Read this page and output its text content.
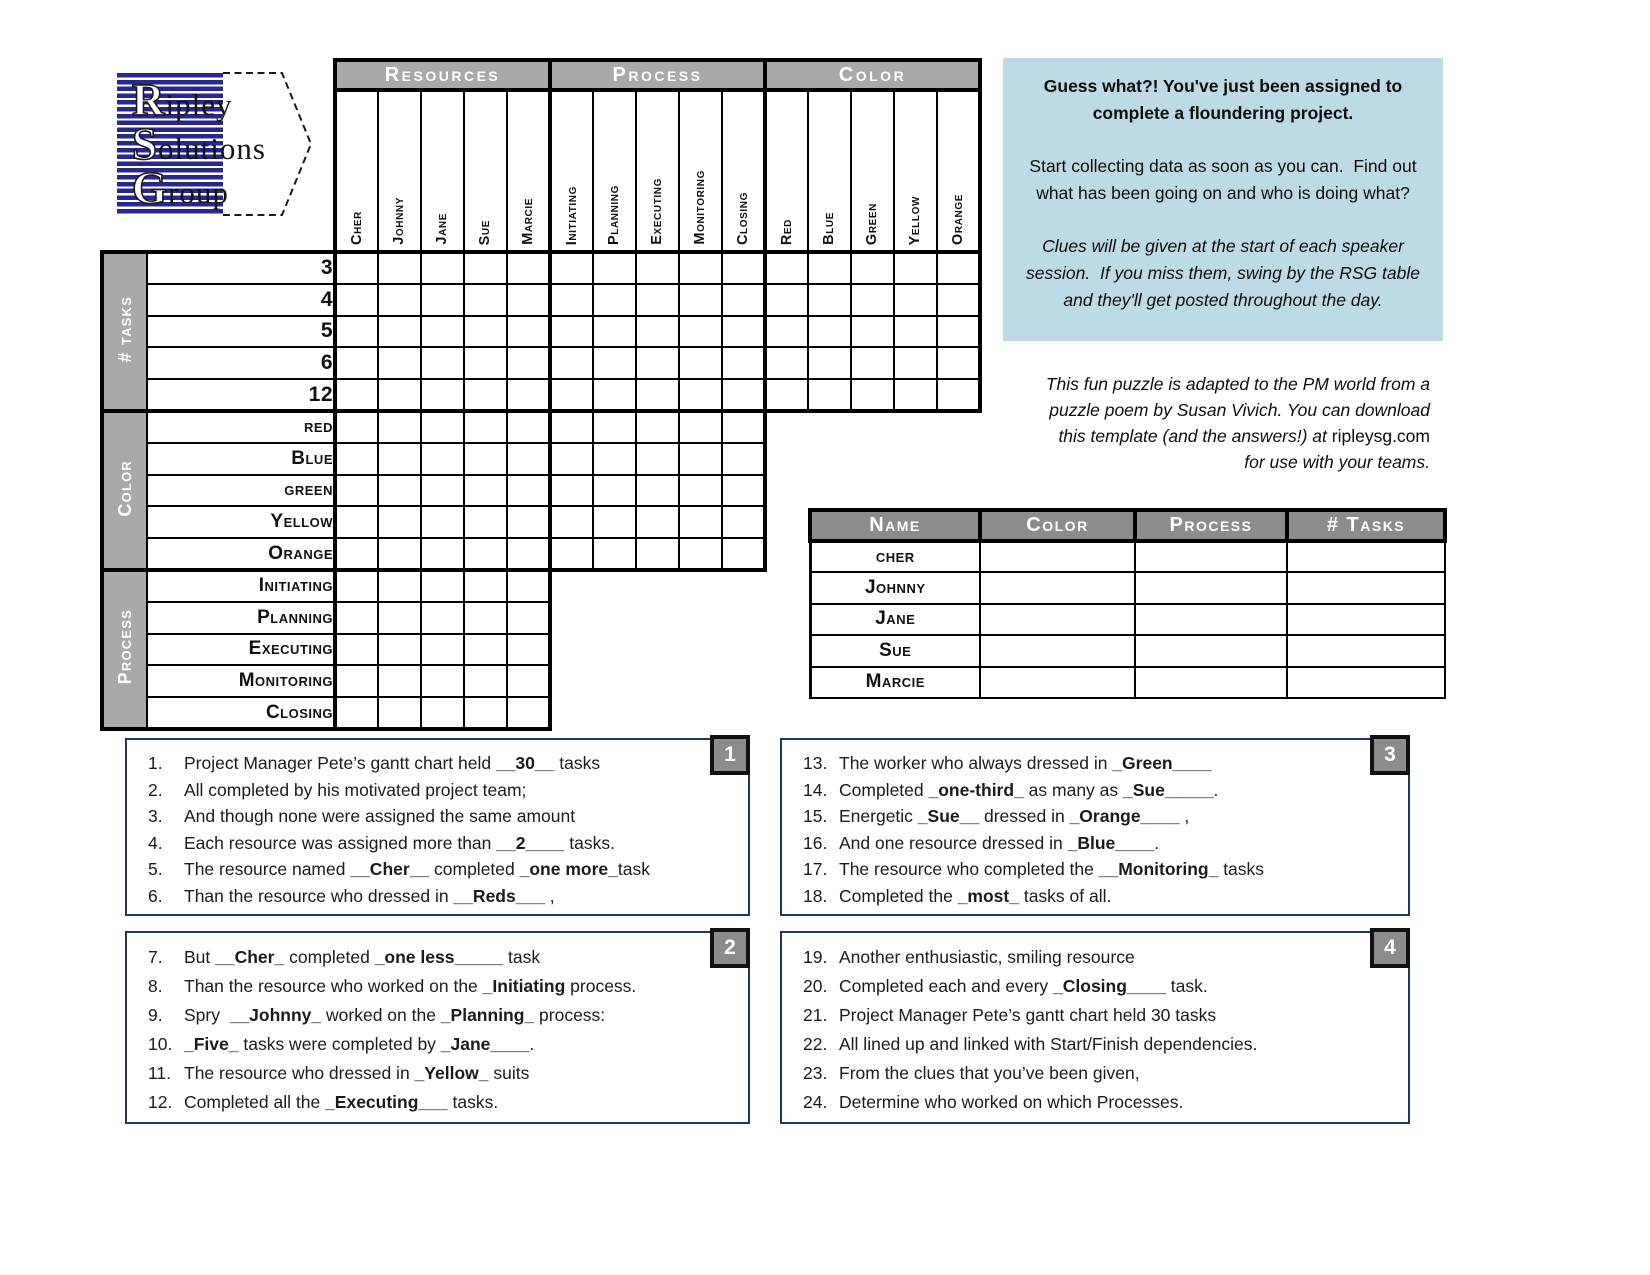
R ipley
S olutions
G roup
		Resources					Process					Color				
		Cher	Johnny	Jane	Sue	Marcie	Initiating	Planning	Executing	Monitoring	Closing	Red	Blue	Green	Yellow	Orange
# tasks	3															
	4															
	5															
	6															
	12															
Color	red															
	Blue															
	green															
	Yellow															
	Orange															
Process	Initiating															
	Planning															
	Executing															
	Monitoring															
	Closing															
Guess what?! You've just been assigned to complete a floundering project.
Start collecting data as soon as you can.  Find out what has been going on and who is doing what?
Clues will be given at the start of each speaker session.  If you miss them, swing by the RSG table and they'll get posted throughout the day.
This fun puzzle is adapted to the PM world from a
puzzle poem by Susan Vivich. You can download
this template (and the answers!) at ripleysg.com
for use with your teams.
Name	Color	Process	# Tasks
cher			
Johnny			
Jane			
Sue			
Marcie			
1
1.	Project Manager Pete’s gantt chart held __30__ tasks
2.	All completed by his motivated project team;
3.	And though none were assigned the same amount
4.	Each resource was assigned more than __2____ tasks.
5.	The resource named __Cher__ completed _one more_task
6.	Than the resource who dressed in __Reds___ ,
2
7.	But __Cher_ completed _one less_____ task
8.	Than the resource who worked on the _Initiating process.
9.	Spry  __Johnny_ worked on the _Planning_ process:
10. _Five_ tasks were completed by _Jane____.
11. The resource who dressed in _Yellow_ suits
12. Completed all the _Executing___ tasks.
3
13. The worker who always dressed in _Green____
14. Completed _one-third_ as many as _Sue_____.
15. Energetic _Sue__ dressed in _Orange____ ,
16. And one resource dressed in _Blue____.
17. The resource who completed the __Monitoring_ tasks
18. Completed the _most_ tasks of all.
4
19. Another enthusiastic, smiling resource
20. Completed each and every _Closing____ task.
21. Project Manager Pete’s gantt chart held 30 tasks
22. All lined up and linked with Start/Finish dependencies.
23. From the clues that you’ve been given,
24. Determine who worked on which Processes.
